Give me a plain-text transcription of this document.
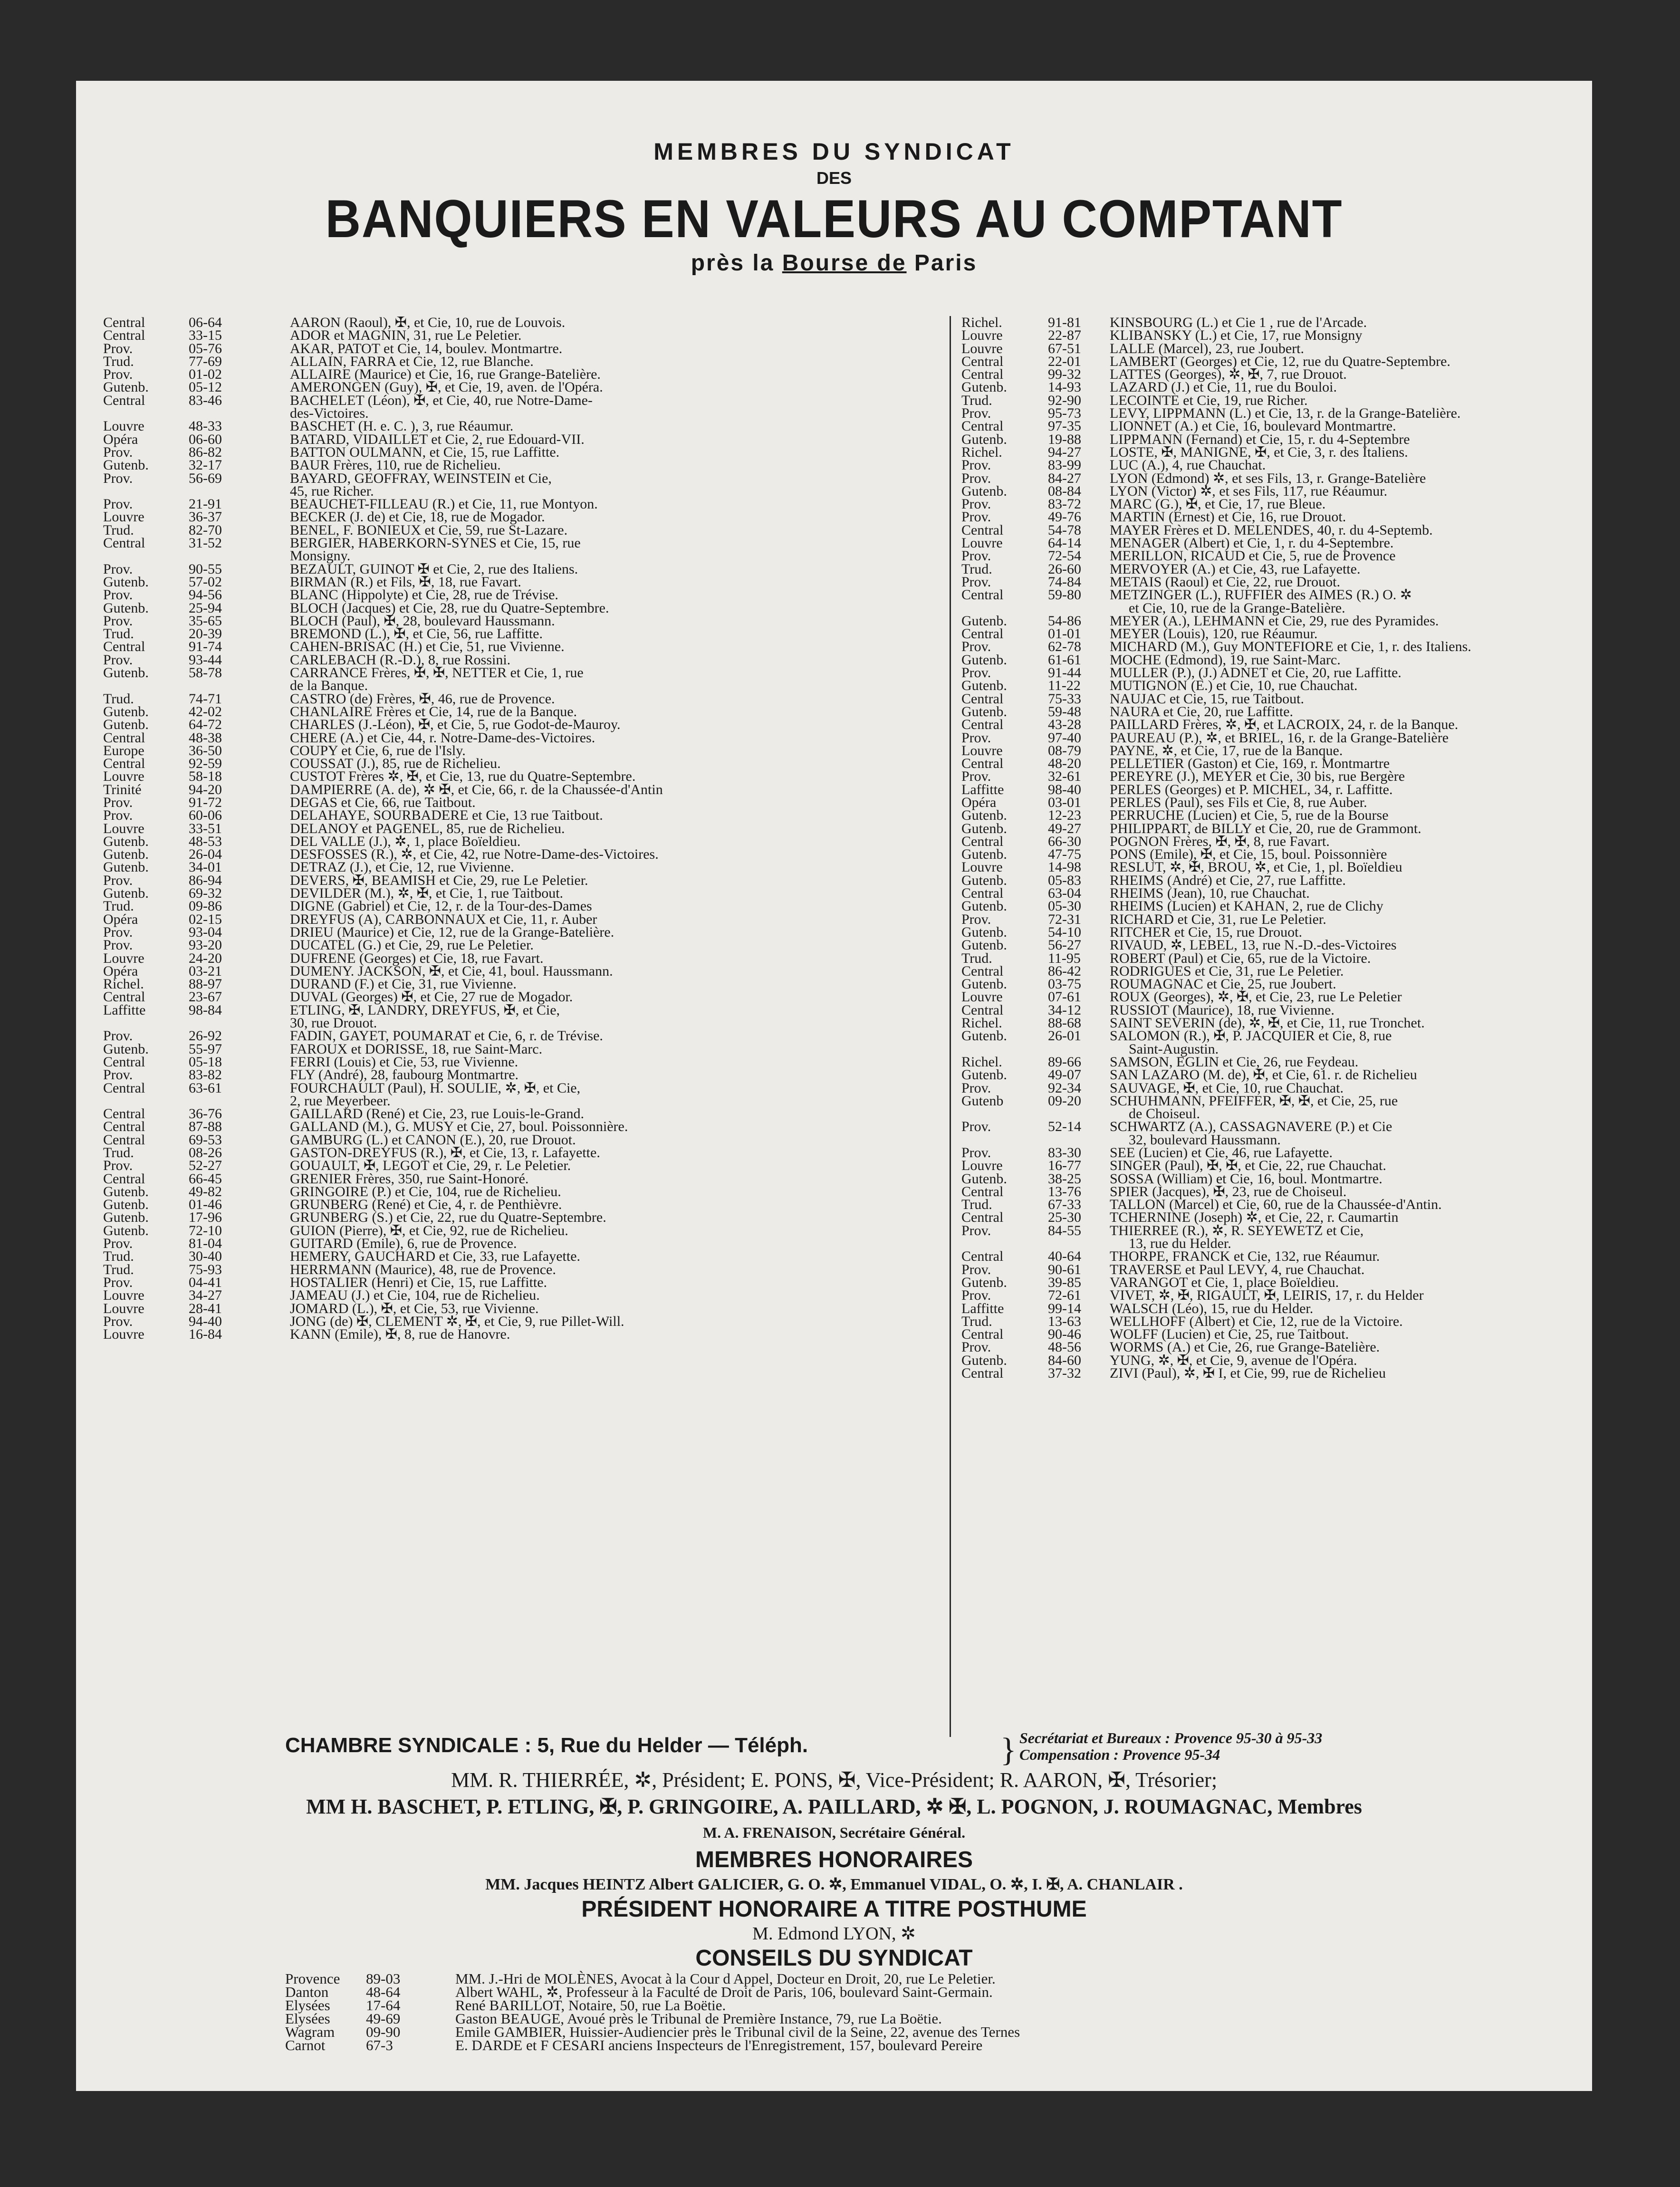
MEMBRES DU SYNDICAT
DES
BANQUIERS EN VALEURS AU COMPTANT
près la Bourse de Paris
Central	06-64	AARON (Raoul), ✠, et Cie, 10, rue de Louvois.
Central	33-15	ADOR et MAGNIN, 31, rue Le Peletier.
Prov.	05-76	AKAR, PATOT et Cie, 14, boulev. Montmartre.
Trud.	77-69	ALLAIN, FARRA et Cie, 12, rue Blanche.
Prov.	01-02	ALLAIRE (Maurice) et Cie, 16, rue Grange-Batelière.
Gutenb.	05-12	AMERONGEN (Guy), ✠, et Cie, 19, aven. de l'Opéra.
Central	83-46	BACHELET (Léon), ✠, et Cie, 40, rue Notre-Dame-
des-Victoires.
Louvre	48-33	BASCHET (H. e. C. ), 3, rue Réaumur.
Opéra	06-60	BATARD, VIDAILLET et Cie, 2, rue Edouard-VII.
Prov.	86-82	BATTON OULMANN, et Cie, 15, rue Laffitte.
Gutenb.	32-17	BAUR Frères, 110, rue de Richelieu.
Prov.	56-69	BAYARD, GEOFFRAY, WEINSTEIN et Cie,
45, rue Richer.
Prov.	21-91	BEAUCHET-FILLEAU (R.) et Cie, 11, rue Montyon.
Louvre	36-37	BECKER (J. de) et Cie, 18, rue de Mogador.
Trud.	82-70	BENEL, F. BONIEUX et Cie, 59, rue St-Lazare.
Central	31-52	BERGIER, HABERKORN-SYNES et Cie, 15, rue
Monsigny.
Prov.	90-55	BEZAULT, GUINOT ✠ et Cie, 2, rue des Italiens.
Gutenb.	57-02	BIRMAN (R.) et Fils, ✠, 18, rue Favart.
Prov.	94-56	BLANC (Hippolyte) et Cie, 28, rue de Trévise.
Gutenb.	25-94	BLOCH (Jacques) et Cie, 28, rue du Quatre-Septembre.
Prov.	35-65	BLOCH (Paul), ✠, 28, boulevard Haussmann.
Trud.	20-39	BREMOND (L.), ✠, et Cie, 56, rue Laffitte.
Central	91-74	CAHEN-BRISAC (H.) et Cie, 51, rue Vivienne.
Prov.	93-44	CARLEBACH (R.-D.), 8, rue Rossini.
Gutenb.	58-78	CARRANCE Frères, ✠, ✠, NETTER et Cie, 1, rue
de la Banque.
Trud.	74-71	CASTRO (de) Frères, ✠, 46, rue de Provence.
Gutenb.	42-02	CHANLAIRE Frères et Cie, 14, rue de la Banque.
Gutenb.	64-72	CHARLES (J.-Léon), ✠, et Cie, 5, rue Godot-de-Mauroy.
Central	48-38	CHERE (A.) et Cie, 44, r. Notre-Dame-des-Victoires.
Europe	36-50	COUPY et Cie, 6, rue de l'Isly.
Central	92-59	COUSSAT (J.), 85, rue de Richelieu.
Louvre	58-18	CUSTOT Frères ✲, ✠, et Cie, 13, rue du Quatre-Septembre.
Trinité	94-20	DAMPIERRE (A. de), ✲ ✠, et Cie, 66, r. de la Chaussée-d'Antin
Prov.	91-72	DEGAS et Cie, 66, rue Taitbout.
Prov.	60-06	DELAHAYE, SOURBADERE et Cie, 13 rue Taitbout.
Louvre	33-51	DELANOY et PAGENEL, 85, rue de Richelieu.
Gutenb.	48-53	DEL VALLE (J.), ✲, 1, place Boïeldieu.
Gutenb.	26-04	DESFOSSES (R.), ✲, et Cie, 42, rue Notre-Dame-des-Victoires.
Gutenb.	34-01	DETRAZ (J.), et Cie, 12, rue Vivienne.
Prov.	86-94	DEVERS, ✠, BEAMISH et Cie, 29, rue Le Peletier.
Gutenb.	69-32	DEVILDER (M.), ✲, ✠, et Cie, 1, rue Taitbout.
Trud.	09-86	DIGNE (Gabriel) et Cie, 12, r. de la Tour-des-Dames
Opéra	02-15	DREYFUS (A), CARBONNAUX et Cie, 11, r. Auber
Prov.	93-04	DRIEU (Maurice) et Cie, 12, rue de la Grange-Batelière.
Prov.	93-20	DUCATEL (G.) et Cie, 29, rue Le Peletier.
Louvre	24-20	DUFRENE (Georges) et Cie, 18, rue Favart.
Opéra	03-21	DUMENY. JACKSON, ✠, et Cie, 41, boul. Haussmann.
Richel.	88-97	DURAND (F.) et Cie, 31, rue Vivienne.
Central	23-67	DUVAL (Georges) ✠, et Cie, 27 rue de Mogador.
Laffitte	98-84	ETLING, ✠, LANDRY, DREYFUS, ✠, et Cie,
30, rue Drouot.
Prov.	26-92	FADIN, GAYET, POUMARAT et Cie, 6, r. de Trévise.
Gutenb.	55-97	FAROUX et DORISSE, 18, rue Saint-Marc.
Central	05-18	FERRI (Louis) et Cie, 53, rue Vivienne.
Prov.	83-82	FLY (André), 28, faubourg Montmartre.
Central	63-61	FOURCHAULT (Paul), H. SOULIE, ✲, ✠, et Cie,
2, rue Meyerbeer.
Central	36-76	GAILLARD (René) et Cie, 23, rue Louis-le-Grand.
Central	87-88	GALLAND (M.), G. MUSY et Cie, 27, boul. Poissonnière.
Central	69-53	GAMBURG (L.) et CANON (E.), 20, rue Drouot.
Trud.	08-26	GASTON-DREYFUS (R.), ✠, et Cie, 13, r. Lafayette.
Prov.	52-27	GOUAULT, ✠, LEGOT et Cie, 29, r. Le Peletier.
Central	66-45	GRENIER Frères, 350, rue Saint-Honoré.
Gutenb.	49-82	GRINGOIRE (P.) et Cie, 104, rue de Richelieu.
Gutenb.	01-46	GRUNBERG (René) et Cie, 4, r. de Penthièvre.
Gutenb.	17-96	GRUNBERG (S.) et Cie, 22, rue du Quatre-Septembre.
Gutenb.	72-10	GUION (Pierre), ✠, et Cie, 92, rue de Richelieu.
Prov.	81-04	GUITARD (Emile), 6, rue de Provence.
Trud.	30-40	HEMERY, GAUCHARD et Cie, 33, rue Lafayette.
Trud.	75-93	HERRMANN (Maurice), 48, rue de Provence.
Prov.	04-41	HOSTALIER (Henri) et Cie, 15, rue Laffitte.
Louvre	34-27	JAMEAU (J.) et Cie, 104, rue de Richelieu.
Louvre	28-41	JOMARD (L.), ✠, et Cie, 53, rue Vivienne.
Prov.	94-40	JONG (de) ✠, CLEMENT ✲, ✠, et Cie, 9, rue Pillet-Will.
Louvre	16-84	KANN (Emile), ✠, 8, rue de Hanovre.
Richel.	91-81	KINSBOURG (L.) et Cie 1 , rue de l'Arcade.
Louvre	22-87	KLIBANSKY (L.) et Cie, 17, rue Monsigny
Louvre	67-51	LALLE (Marcel), 23, rue Joubert.
Central	22-01	LAMBERT (Georges) et Cie, 12, rue du Quatre-Septembre.
Central	99-32	LATTES (Georges), ✲, ✠, 7, rue Drouot.
Gutenb.	14-93	LAZARD (J.) et Cie, 11, rue du Bouloi.
Trud.	92-90	LECOINTE et Cie, 19, rue Richer.
Prov.	95-73	LEVY, LIPPMANN (L.) et Cie, 13, r. de la Grange-Batelière.
Central	97-35	LIONNET (A.) et Cie, 16, boulevard Montmartre.
Gutenb.	19-88	LIPPMANN (Fernand) et Cie, 15, r. du 4-Septembre
Richel.	94-27	LOSTE, ✠, MANIGNE, ✠, et Cie, 3, r. des Italiens.
Prov.	83-99	LUC (A.), 4, rue Chauchat.
Prov.	84-27	LYON (Edmond) ✲, et ses Fils, 13, r. Grange-Batelière
Gutenb.	08-84	LYON (Victor) ✲, et ses Fils, 117, rue Réaumur.
Prov.	83-72	MARC (G.), ✠, et Cie, 17, rue Bleue.
Prov.	49-76	MARTIN (Ernest) et Cie, 16, rue Drouot.
Central	54-78	MAYER Frères et D. MELENDES, 40, r. du 4-Septemb.
Louvre	64-14	MENAGER (Albert) et Cie, 1, r. du 4-Septembre.
Prov.	72-54	MERILLON, RICAUD et Cie, 5, rue de Provence
Trud.	26-60	MERVOYER (A.) et Cie, 43, rue Lafayette.
Prov.	74-84	METAIS (Raoul) et Cie, 22, rue Drouot.
Central	59-80	METZINGER (L.), RUFFIER des AIMES (R.) O. ✲
et Cie, 10, rue de la Grange-Batelière.
Gutenb.	54-86	MEYER (A.), LEHMANN et Cie, 29, rue des Pyramides.
Central	01-01	MEYER (Louis), 120, rue Réaumur.
Prov.	62-78	MICHARD (M.), Guy MONTEFIORE et Cie, 1, r. des Italiens.
Gutenb.	61-61	MOCHE (Edmond), 19, rue Saint-Marc.
Prov.	91-44	MULLER (P.), (J.) ADNET et Cie, 20, rue Laffitte.
Gutenb.	11-22	MUTIGNON (E.) et Cie, 10, rue Chauchat.
Central	75-33	NAUJAC et Cie, 15, rue Taitbout.
Gutenb.	59-48	NAURA et Cie, 20, rue Laffitte.
Central	43-28	PAILLARD Frères, ✲, ✠, et LACROIX, 24, r. de la Banque.
Prov.	97-40	PAUREAU (P.), ✲, et BRIEL, 16, r. de la Grange-Batelière
Louvre	08-79	PAYNE, ✲, et Cie, 17, rue de la Banque.
Central	48-20	PELLETIER (Gaston) et Cie, 169, r. Montmartre
Prov.	32-61	PEREYRE (J.), MEYER et Cie, 30 bis, rue Bergère
Laffitte	98-40	PERLES (Georges) et P. MICHEL, 34, r. Laffitte.
Opéra	03-01	PERLES (Paul), ses Fils et Cie, 8, rue Auber.
Gutenb.	12-23	PERRUCHE (Lucien) et Cie, 5, rue de la Bourse
Gutenb.	49-27	PHILIPPART, de BILLY et Cie, 20, rue de Grammont.
Central	66-30	POGNON Frères, ✠, ✠, 8, rue Favart.
Gutenb.	47-75	PONS (Emile), ✠, et Cie, 15, boul. Poissonnière
Louvre	14-98	RESLUT, ✲, ✠, BROU, ✲, et Cie, 1, pl. Boïeldieu
Gutenb.	05-83	RHEIMS (André) et Cie, 27, rue Laffitte.
Central	63-04	RHEIMS (Jean), 10, rue Chauchat.
Gutenb.	05-30	RHEIMS (Lucien) et KAHAN, 2, rue de Clichy
Prov.	72-31	RICHARD et Cie, 31, rue Le Peletier.
Gutenb.	54-10	RITCHER et Cie, 15, rue Drouot.
Gutenb.	56-27	RIVAUD, ✲, LEBEL, 13, rue N.-D.-des-Victoires
Trud.	11-95	ROBERT (Paul) et Cie, 65, rue de la Victoire.
Central	86-42	RODRIGUES et Cie, 31, rue Le Peletier.
Gutenb.	03-75	ROUMAGNAC et Cie, 25, rue Joubert.
Louvre	07-61	ROUX (Georges), ✲, ✠, et Cie, 23, rue Le Peletier
Central	34-12	RUSSIOT (Maurice), 18, rue Vivienne.
Richel.	88-68	SAINT SEVERIN (de), ✲, ✠, et Cie, 11, rue Tronchet.
Gutenb.	26-01	SALOMON (R.), ✠, P. JACQUIER et Cie, 8, rue
Saint-Augustin.
Richel.	89-66	SAMSON, EGLIN et Cie, 26, rue Feydeau.
Gutenb.	49-07	SAN LAZARO (M. de), ✠, et Cie, 61. r. de Richelieu
Prov.	92-34	SAUVAGE, ✠, et Cie, 10, rue Chauchat.
Gutenb	09-20	SCHUHMANN, PFEIFFER, ✠, ✠, et Cie, 25, rue
de Choiseul.
Prov.	52-14	SCHWARTZ (A.), CASSAGNAVERE (P.) et Cie
32, boulevard Haussmann.
Prov.	83-30	SEE (Lucien) et Cie, 46, rue Lafayette.
Louvre	16-77	SINGER (Paul), ✠, ✠, et Cie, 22, rue Chauchat.
Gutenb.	38-25	SOSSA (William) et Cie, 16, boul. Montmartre.
Central	13-76	SPIER (Jacques), ✠, 23, rue de Choiseul.
Trud.	67-33	TALLON (Marcel) et Cie, 60, rue de la Chaussée-d'Antin.
Central	25-30	TCHERNINE (Joseph) ✲, et Cie, 22, r. Caumartin
Prov.	84-55	THIERREE (R.), ✲, R. SEYEWETZ et Cie,
13, rue du Helder.
Central	40-64	THORPE, FRANCK et Cie, 132, rue Réaumur.
Prov.	90-61	TRAVERSE et Paul LEVY, 4, rue Chauchat.
Gutenb.	39-85	VARANGOT et Cie, 1, place Boïeldieu.
Prov.	72-61	VIVET, ✲, ✠, RIGAULT, ✠, LEIRIS, 17, r. du Helder
Laffitte	99-14	WALSCH (Léo), 15, rue du Helder.
Trud.	13-63	WELLHOFF (Albert) et Cie, 12, rue de la Victoire.
Central	90-46	WOLFF (Lucien) et Cie, 25, rue Taitbout.
Prov.	48-56	WORMS (A.) et Cie, 26, rue Grange-Batelière.
Gutenb.	84-60	YUNG, ✲, ✠, et Cie, 9, avenue de l'Opéra.
Central	37-32	ZIVI (Paul), ✲, ✠ I, et Cie, 99, rue de Richelieu
CHAMBRE SYNDICALE : 5, Rue du Helder — Téléph.	} Secrétariat et Bureaux : Provence 95-30 à 95-33
Compensation : Provence 95-34
MM. R. THIERRÉE, ✲, Président; E. PONS, ✠, Vice-Président; R. AARON, ✠, Trésorier;
MM H. BASCHET, P. ETLING, ✠, P. GRINGOIRE, A. PAILLARD, ✲ ✠, L. POGNON, J. ROUMAGNAC, Membres
M. A. FRENAISON, Secrétaire Général.
MEMBRES HONORAIRES
MM. Jacques HEINTZ Albert GALICIER, G. O. ✲, Emmanuel VIDAL, O. ✲, I. ✠, A. CHANLAIR .
PRÉSIDENT HONORAIRE A TITRE POSTHUME
M. Edmond LYON, ✲
CONSEILS DU SYNDICAT
Provence 89-03	MM. J.-Hri de MOLÈNES, Avocat à la Cour d Appel, Docteur en Droit, 20, rue Le Peletier.
Danton	48-64	Albert WAHL, ✲, Professeur à la Faculté de Droit de Paris, 106, boulevard Saint-Germain.
Elysées 17-64	René BARILLOT, Notaire, 50, rue La Boëtie.
Elysées 49-69	Gaston BEAUGE, Avoué près le Tribunal de Première Instance, 79, rue La Boëtie.
Wagram 09-90	Emile GAMBIER, Huissier-Audiencier près le Tribunal civil de la Seine, 22, avenue des Ternes
Carnot	67-3	E. DARDE et F CESARI anciens Inspecteurs de l'Enregistrement, 157, boulevard Pereire
